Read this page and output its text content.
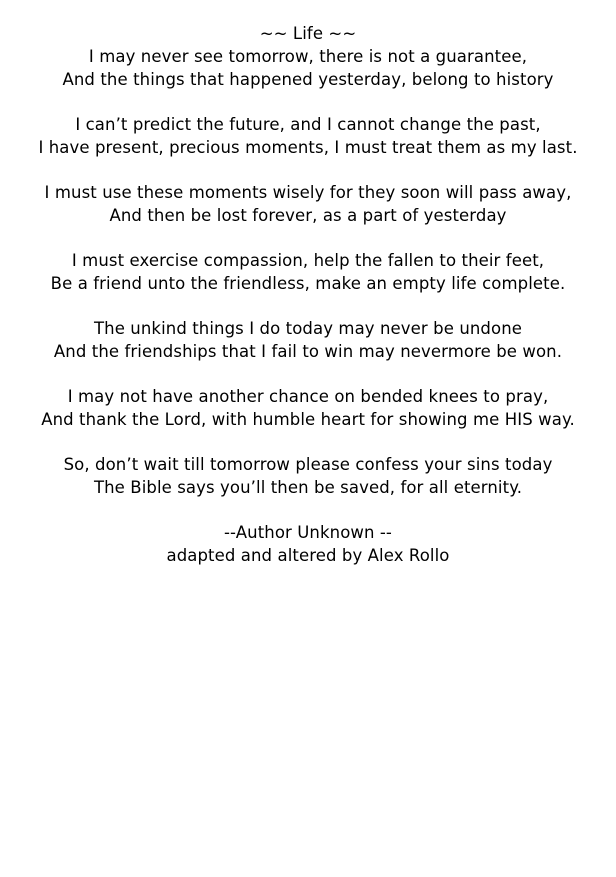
~~ Life ~~
I may never see tomorrow, there is not a guarantee,
And the things that happened yesterday, belong to history
I can’t predict the future, and I cannot change the past,
I have present, precious moments, I must treat them as my last.
I must use these moments wisely for they soon will pass away,
And then be lost forever, as a part of yesterday
I must exercise compassion, help the fallen to their feet,
Be a friend unto the friendless, make an empty life complete.
The unkind things I do today may never be undone
And the friendships that I fail to win may nevermore be won.
I may not have another chance on bended knees to pray,
And thank the Lord, with humble heart for showing me HIS way.
So, don’t wait till tomorrow please confess your sins today
The Bible says you’ll then be saved, for all eternity.
--Author Unknown --
adapted and altered by Alex Rollo
